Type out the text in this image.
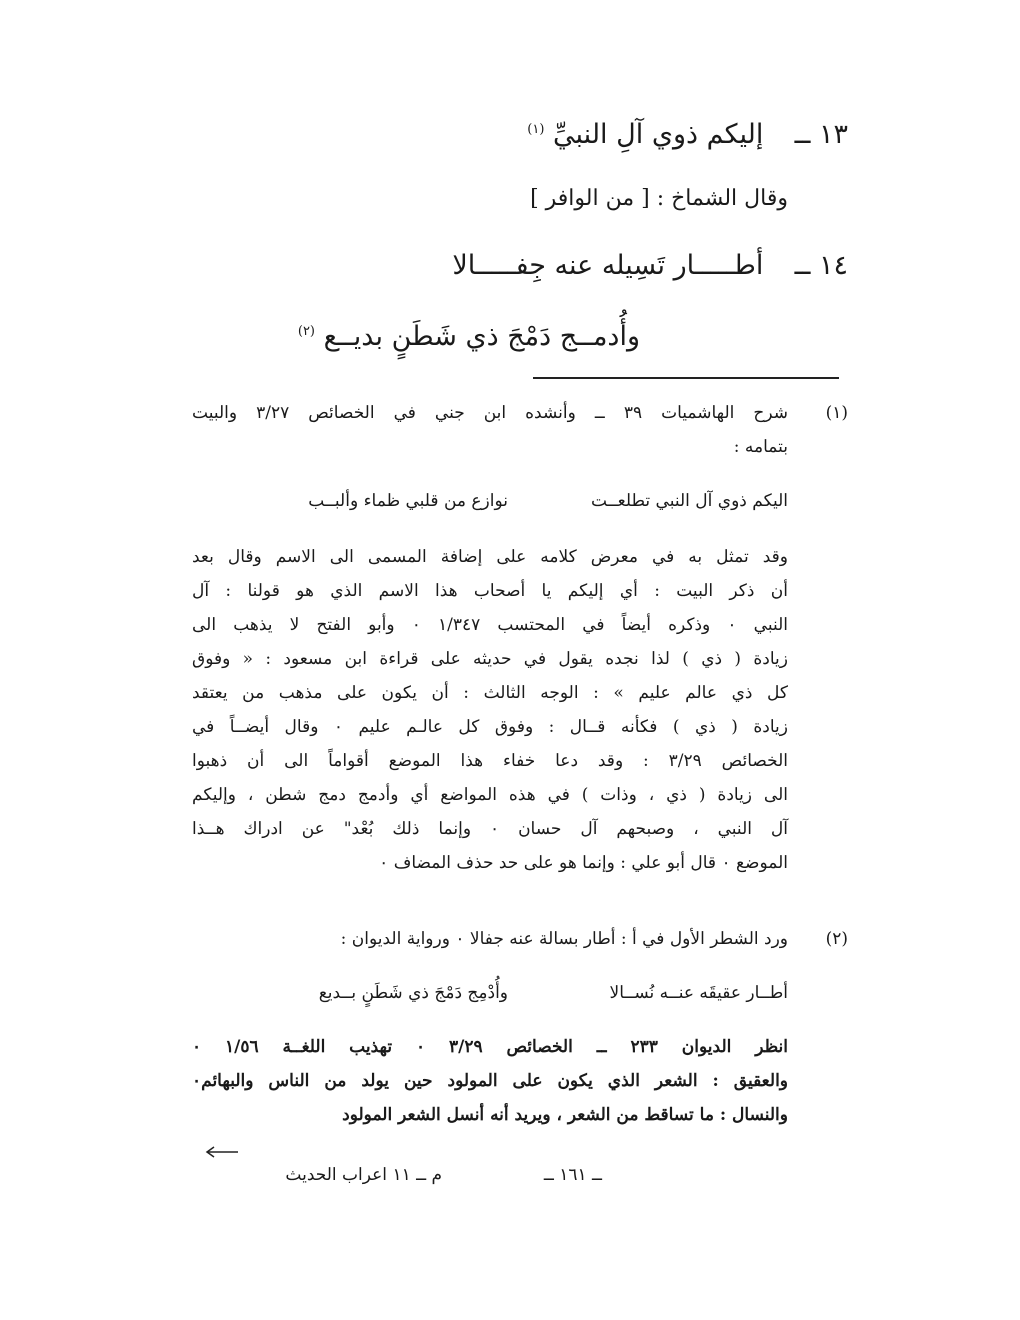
١٣ ــ  إليكم ذوي آلِ النبيِّ $^{(١)}$
وقال الشماخ : [ من الوافر ]
١٤ ــ  أطـــــار تَسِيله عنه جِفـــــالا
وأُدمــج دَمْجَ ذي شَطَنٍ بديــع $^{(٢)}$
(١)
شرح الهاشميات ٣٩ ــ وأنشده ابن جني في الخصائص ٣/٢٧ والبيت
بتمامه :
اليكم ذوي آل النبي تطلعــت
نوازع من قلبي ظماء وألبــب
وقد تمثل به في معرض كلامه على إضافة المسمى الى الاسم وقال بعد
أن ذكر البيت : أي إليكم يا أصحاب هذا الاسم الذي هو قولنا : آل
النبي ٠ وذكره أيضاً في المحتسب ١/٣٤٧ ٠ وأبو الفتح لا يذهب الى
زيادة ( ذي ) لذا نجده يقول في حديثه على قراءة ابن مسعود : « وفوق
كل ذي عالم عليم » : الوجه الثالث : أن يكون على مذهب من يعتقد
زيادة ( ذي ) فكأنه قــال : وفوق كل عالـم عليم ٠ وقال أيضــاً في
الخصائص ٣/٢٩ : وقد دعا خفاء هذا الموضع أقواماً الى أن ذهبوا
الى زيادة ( ذي ، وذات ) في هذه المواضع أي وأدمج دمج شطن ، وإليكم
آل النبي ، وصبحهم آل حسان ٠ وإنما ذلك بُعْد" عن ادراك هــذا
الموضع ٠ قال أبو علي : وإنما هو على حد حذف المضاف ٠
(٢)
ورد الشطر الأول في أ : أطار بسالة عنه جفالا ٠ ورواية الديوان :
أطــار عقيقَه عنــه نُســالا
وأُدْمِج دَمْجَ ذي شَطَنٍ بــديع
انظر الديوان ٢٣٣ ــ الخصائص ٣/٢٩ ٠ تهذيب اللغــة ١/٥٦ ٠
والعقيق : الشعر الذي يكون على المولود حين يولد من الناس والبهائم٠
والنسال : ما تساقط من الشعر ، ويريد أنه أنسل الشعر المولود
ــ ١٦١ ــ
م ــ ١١ اعراب الحديث
